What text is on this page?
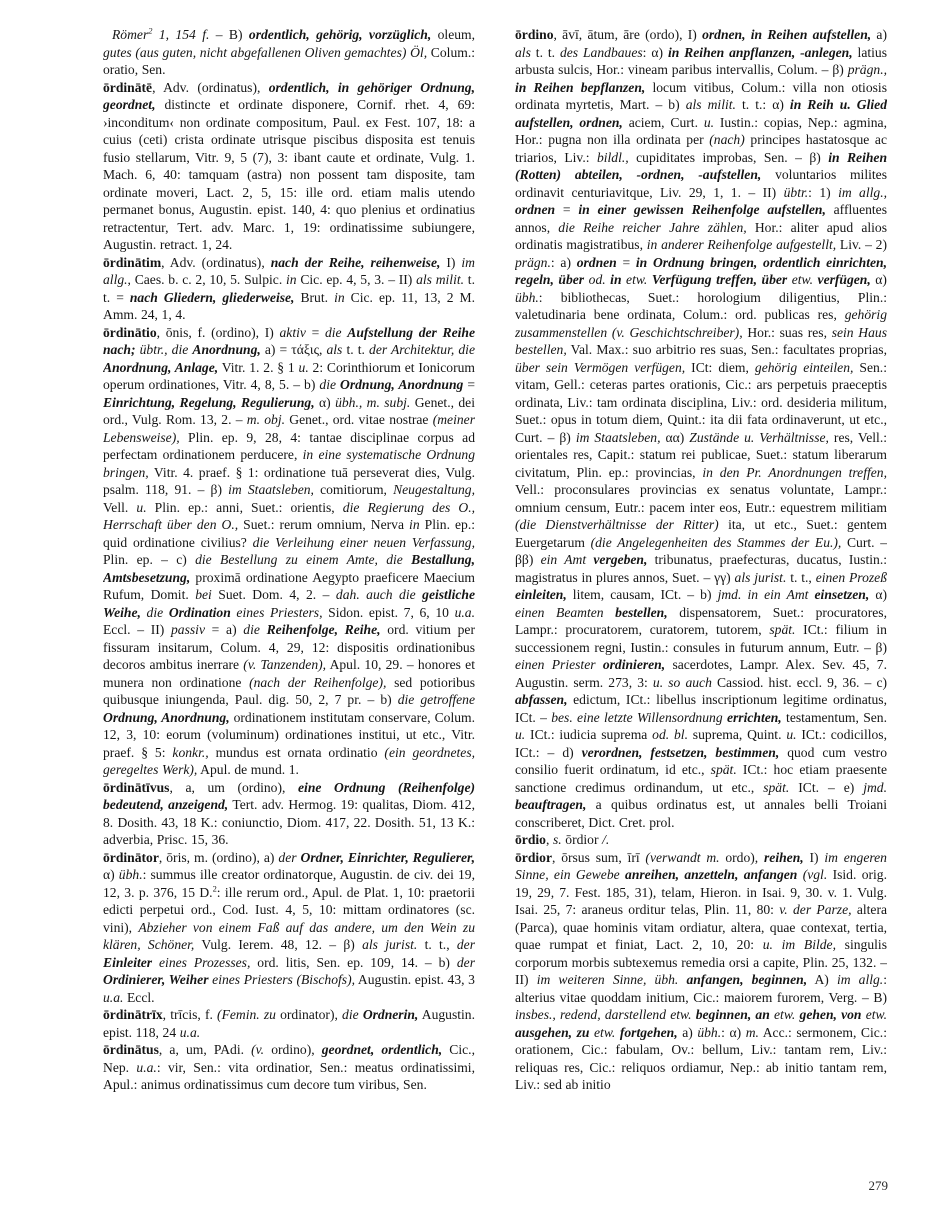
Römer$^2$ 1, 154 f. – B) ordentlich, gehörig, vorzüglich, oleum, gutes (aus guten, nicht abgefallenen Oliven gemachtes) Öl, Colum.: oratio, Sen.

ōrdinātē, Adv. (ordinatus), ordentlich, in gehöriger Ordnung, geordnet, distincte et ordinate disponere, Cornif. rhet. 4, 69: ›inconditum‹ non ordinate compositum, Paul. ex Fest. 107, 18: a cuius (ceti) crista ordinate utrisque piscibus disposita est tenuis fusio stellarum, Vitr. 9, 5 (7), 3: ibant caute et ordinate, Vulg. 1. Mach. 6, 40: tamquam (astra) non possent tam disposite, tam ordinate moveri, Lact. 2, 5, 15: ille ord. etiam malis utendo permanet bonus, Augustin. epist. 140, 4: quo plenius et ordinatius retractentur, Tert. adv. Marc. 1, 19: ordinatissime subiungere, Augustin. retract. 1, 24.

ōrdinātim, Adv. (ordinatus), nach der Reihe, reihenweise, I) im allg., Caes. b. c. 2, 10, 5. Sulpic. in Cic. ep. 4, 5, 3. – II) als milit. t. t. = nach Gliedern, gliederweise, Brut. in Cic. ep. 11, 13, 2 M. Amm. 24, 1, 4.

ōrdinātio, ōnis, f. (ordino), I) aktiv = die Aufstellung der Reihe nach; übtr., die Anordnung, a) = τάξις, als t. t. der Architektur, die Anordnung, Anlage, Vitr. 1. 2. § 1 u. 2: Corinthiorum et Ionicorum operum ordinationes, Vitr. 4, 8, 5. – b) die Ordnung, Anordnung = Einrichtung, Regelung, Regulierung, α) übh., m. subj. Genet., dei ord., Vulg. Rom. 13, 2. – m. obj. Genet., ord. vitae nostrae (meiner Lebensweise), Plin. ep. 9, 28, 4: tantae disciplinae corpus ad perfectam ordinationem perducere, in eine systematische Ordnung bringen, Vitr. 4. praef. § 1: ordinatione tuā perseverat dies, Vulg. psalm. 118, 91. – β) im Staatsleben, comitiorum, Neugestaltung, Vell. u. Plin. ep.: anni, Suet.: orientis, die Regierung des O., Herrschaft über den O., Suet.: rerum omnium, Nerva in Plin. ep.: quid ordinatione civilius? die Verleihung einer neuen Verfassung, Plin. ep. – c) die Bestellung zu einem Amte, die Bestallung, Amtsbesetzung, proximā ordinatione Aegypto praeficere Maecium Rufum, Domit. bei Suet. Dom. 4, 2. – dah. auch die geistliche Weihe, die Ordination eines Priesters, Sidon. epist. 7, 6, 10 u.a. Eccl. – II) passiv = a) die Reihenfolge, Reihe, ord. vitium per fissuram insitarum, Colum. 4, 29, 12: dispositis ordinationibus decoros ambitus inerrare (v. Tanzenden), Apul. 10, 29. – honores et munera non ordinatione (nach der Reihenfolge), sed potioribus quibusque iniungenda, Paul. dig. 50, 2, 7 pr. – b) die getroffene Ordnung, Anordnung, ordinationem institutam conservare, Colum. 12, 3, 10: eorum (voluminum) ordinationes institui, ut etc., Vitr. praef. § 5: konkr., mundus est ornata ordinatio (ein geordnetes, geregeltes Werk), Apul. de mund. 1.

ōrdinātīvus, a, um (ordino), eine Ordnung (Reihenfolge) bedeutend, anzeigend, Tert. adv. Hermog. 19: qualitas, Diom. 412, 8. Dosith. 43, 18 K.: coniunctio, Diom. 417, 22. Dosith. 51, 13 K.: adverbia, Prisc. 15, 36.

ōrdinātor, ōris, m. (ordino), a) der Ordner, Einrichter, Regulierer, α) übh.: summus ille creator ordinatorque, Augustin. de civ. dei 19, 12, 3. p. 376, 15 D.$^2$: ille rerum ord., Apul. de Plat. 1, 10: praetorii edicti perpetui ord., Cod. Iust. 4, 5, 10: mittam ordinatores (sc. vini), Abzieher von einem Faß auf das andere, um den Wein zu klären, Schöner, Vulg. Ierem. 48, 12. – β) als jurist. t. t., der Einleiter eines Prozesses, ord. litis, Sen. ep. 109, 14. – b) der Ordinierer, Weiher eines Priesters (Bischofs), Augustin. epist. 43, 3 u.a. Eccl.

ōrdinātrīx, trīcis, f. (Femin. zu ordinator), die Ordnerin, Augustin. epist. 118, 24 u.a.

ōrdinātus, a, um, PAdi. (v. ordino), geordnet, ordentlich, Cic., Nep. u.a.: vir, Sen.: vita ordinatior, Sen.: meatus ordinatissimi, Apul.: animus ordinatissimus cum decore tum viribus, Sen.

ōrdino, āvī, ātum, āre (ordo), I) ordnen, in Reihen aufstellen, a) als t. t. des Landbaues: α) in Reihen anpflanzen, -anlegen, latius arbusta sulcis, Hor.: vineam paribus intervallis, Colum. – β) prägn., in Reihen bepflanzen, locum vitibus, Colum.: villa non otiosis ordinata myrtetis, Mart. – b) als milit. t. t.: α) in Reih u. Glied aufstellen, ordnen, aciem, Curt. u. Iustin.: copias, Nep.: agmina, Hor.: pugna non illa ordinata per (nach) principes hastatosque ac triarios, Liv.: bildl., cupiditates improbas, Sen. – β) in Reihen (Rotten) abteilen, -ordnen, -aufstellen, voluntarios milites ordinavit centuriavitque, Liv. 29, 1, 1. – II) übtr.: 1) im allg., ordnen = in einer gewissen Reihenfolge aufstellen, affluentes annos, die Reihe reicher Jahre zählen, Hor.: aliter apud alios ordinatis magistratibus, in anderer Reihenfolge aufgestellt, Liv. – 2) prägn.: a) ordnen = in Ordnung bringen, ordentlich einrichten, regeln, über od. in etw. Verfügung treffen, über etw. verfügen, α) übh.: bibliothecas, Suet.: horologium diligentius, Plin.: valetudinaria bene ordinata, Colum.: ord. publicas res, gehörig zusammenstellen (v. Geschichtschreiber), Hor.: suas res, sein Haus bestellen, Val. Max.: suo arbitrio res suas, Sen.: facultates proprias, über sein Vermögen verfügen, ICt: diem, gehörig einteilen, Sen.: vitam, Gell.: ceteras partes orationis, Cic.: ars perpetuis praeceptis ordinata, Liv.: tam ordinata disciplina, Liv.: ord. desideria militum, Suet.: opus in totum diem, Quint.: ita dii fata ordinaverunt, ut etc., Curt. – β) im Staatsleben, αα) Zustände u. Verhältnisse, res, Vell.: orientales res, Capit.: statum rei publicae, Suet.: statum liberarum civitatum, Plin. ep.: provincias, in den Pr. Anordnungen treffen, Vell.: proconsulares provincias ex senatus voluntate, Lampr.: omnium censum, Eutr.: pacem inter eos, Eutr.: equestrem militiam (die Dienstverhältnisse der Ritter) ita, ut etc., Suet.: gentem Euergetarum (die Angelegenheiten des Stammes der Eu.), Curt. – ββ) ein Amt vergeben, tribunatus, praefecturas, ducatus, Iustin.: magistratus in plures annos, Suet. – γγ) als jurist. t. t., einen Prozeß einleiten, litem, causam, ICt. – b) jmd. in ein Amt einsetzen, α) einen Beamten bestellen, dispensatorem, Suet.: procuratores, Lampr.: procuratorem, curatorem, tutorem, spät. ICt.: filium in successionem regni, Iustin.: consules in futurum annum, Eutr. – β) einen Priester ordinieren, sacerdotes, Lampr. Alex. Sev. 45, 7. Augustin. serm. 273, 3: u. so auch Cassiod. hist. eccl. 9, 36. – c) abfassen, edictum, ICt.: libellus inscriptionum legitime ordinatus, ICt. – bes. eine letzte Willensordnung errichten, testamentum, Sen. u. ICt.: iudicia suprema od. bl. suprema, Quint. u. ICt.: codicillos, ICt.: – d) verordnen, festsetzen, bestimmen, quod cum vestro consilio fuerit ordinatum, id etc., spät. ICt.: hoc etiam praesente sanctione credimus ordinandum, ut etc., spät. ICt. – e) jmd. beauftragen, a quibus ordinatus est, ut annales belli Troiani conscriberet, Dict. Cret. prol.

ōrdio, s. ōrdior /.

ōrdior, ōrsus sum, īrī (verwandt m. ordo), reihen, I) im engeren Sinne, ein Gewebe anreihen, anzetteln, anfangen (vgl. Isid. orig. 19, 29, 7. Fest. 185, 31), telam, Hieron. in Isai. 9, 30. v. 1. Vulg. Isai. 25, 7: araneus orditur telas, Plin. 11, 80: v. der Parze, altera (Parca), quae hominis vitam ordiatur, altera, quae contexat, tertia, quae rumpat et finiat, Lact. 2, 10, 20: u. im Bilde, singulis corporum morbis subtexemus remedia orsi a capite, Plin. 25, 132. – II) im weiteren Sinne, übh. anfangen, beginnen, A) im allg.: alterius vitae quoddam initium, Cic.: maiorem furorem, Verg. – B) insbes., redend, darstellend etw. beginnen, an etw. gehen, von etw. ausgehen, zu etw. fortgehen, a) übh.: α) m. Acc.: sermonem, Cic.: orationem, Cic.: fabulam, Ov.: bellum, Liv.: tantam rem, Liv.: reliquas res, Cic.: reliquos ordiamur, Nep.: ab initio tantam rem, Liv.: sed ab initio

279
